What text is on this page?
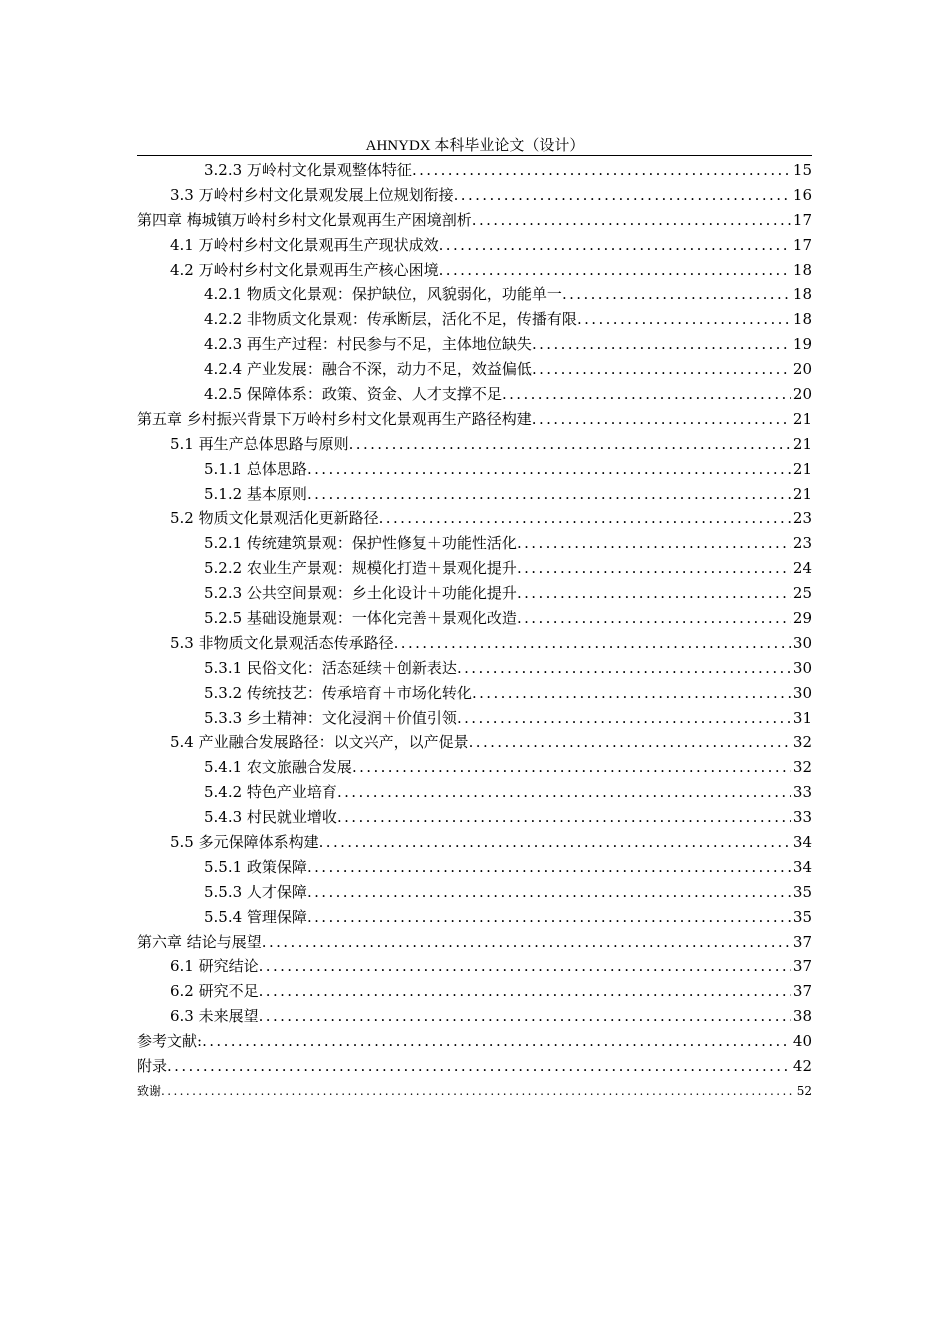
AHNYDX 本科毕业论文（设计）
3.2.3 万岭村文化景观整体特征 .....	15
3.3 万岭村乡村文化景观发展上位规划衔接 .....	16
第四章 梅城镇万岭村乡村文化景观再生产困境剖析 .....	17
4.1 万岭村乡村文化景观再生产现状成效 .....	17
4.2 万岭村乡村文化景观再生产核心困境 .....	18
4.2.1 物质文化景观：保护缺位，风貌弱化，功能单一 .....	18
4.2.2 非物质文化景观：传承断层，活化不足，传播有限 .....	18
4.2.3 再生产过程：村民参与不足，主体地位缺失 .....	19
4.2.4 产业发展：融合不深，动力不足，效益偏低 .....	20
4.2.5 保障体系：政策、资金、人才支撑不足 .....	20
第五章 乡村振兴背景下万岭村乡村文化景观再生产路径构建 .....	21
5.1 再生产总体思路与原则 .....	21
5.1.1 总体思路 .....	21
5.1.2 基本原则 .....	21
5.2 物质文化景观活化更新路径 .....	23
5.2.1 传统建筑景观：保护性修复＋功能性活化 .....	23
5.2.2 农业生产景观：规模化打造＋景观化提升 .....	24
5.2.3 公共空间景观：乡土化设计＋功能化提升 .....	25
5.2.5 基础设施景观：一体化完善＋景观化改造 .....	29
5.3 非物质文化景观活态传承路径 .....	30
5.3.1 民俗文化：活态延续＋创新表达 .....	30
5.3.2 传统技艺：传承培育＋市场化转化 .....	30
5.3.3 乡土精神：文化浸润＋价值引领 .....	31
5.4 产业融合发展路径：以文兴产，以产促景 .....	32
5.4.1 农文旅融合发展 .....	32
5.4.2 特色产业培育 .....	33
5.4.3 村民就业增收 .....	33
5.5 多元保障体系构建 .....	34
5.5.1 政策保障 .....	34
5.5.3 人才保障 .....	35
5.5.4 管理保障 .....	35
第六章 结论与展望 .....	37
6.1 研究结论 .....	37
6.2 研究不足 .....	37
6.3 未来展望 .....	38
参考文献: .....	40
附录 .....	42
致谢 .....	52
